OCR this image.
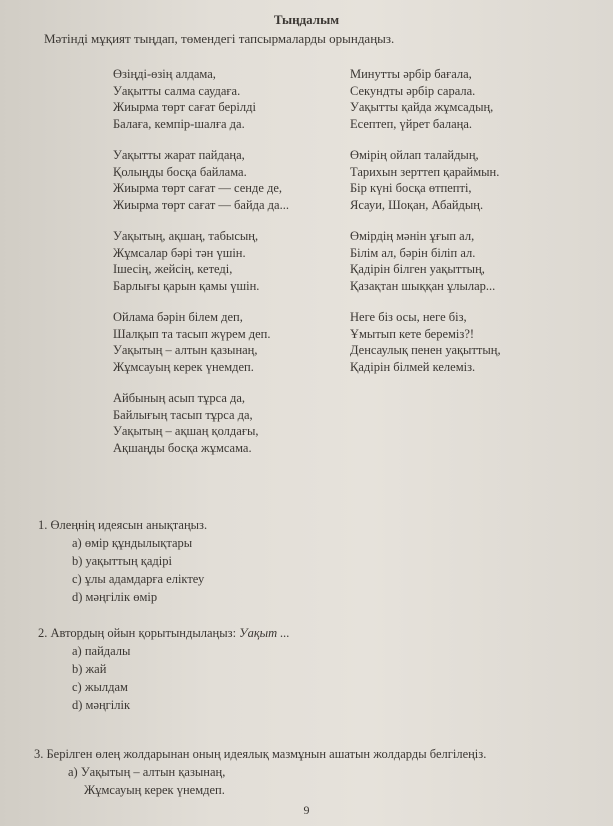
Тыңдалым
Мәтінді мұқият тыңдап, төмендегі тапсырмаларды орындаңыз.
Өзіңді-өзің алдама,
Уақытты салма саудаға.
Жиырма төрт сағат берілді
Балаға, кемпір-шалға да.
Уақытты жарат пайдаңа,
Қолыңды босқа байлама.
Жиырма төрт сағат — сенде де,
Жиырма төрт сағат — байда да...
Уақытың, ақшаң, табысың,
Жұмсалар бәрі тән үшін.
Ішесің, жейсің, кетеді,
Барлығы қарын қамы үшін.
Ойлама бәрін білем деп,
Шалқып та тасып жүрем деп.
Уақытың – алтын қазынаң,
Жұмсауың керек үнемдеп.
Айбының асып тұрса да,
Байлығың тасып тұрса да,
Уақытың – ақшаң қолдағы,
Ақшаңды босқа жұмсама.
Минутты әрбір бағала,
Секундты әрбір сарала.
Уақытты қайда жұмсадың,
Есептеп, үйрет балаңа.
Өмірің ойлап талайдың,
Тарихын зерттеп қараймын.
Бір күні босқа өтпепті,
Ясауи, Шоқан, Абайдың.
Өмірдің мәнін ұғып ал,
Білім ал, бәрін біліп ал.
Қадірін білген уақыттың,
Қазақтан шыққан ұлылар...
Неге біз осы, неге біз,
Ұмытып кете береміз?!
Денсаулық пенен уақыттың,
Қадірін білмей келеміз.
1. Өлеңнің идеясын анықтаңыз.
a) өмір құндылықтары
b) уақыттың қадірі
c) ұлы адамдарға еліктеу
d) мәңгілік өмір
2. Автордың ойын қорытындылаңыз: Уақыт ...
a) пайдалы
b) жай
c) жылдам
d) мәңгілік
3. Берілген өлең жолдарынан оның идеялық мазмұнын ашатын жолдарды белгілеңіз.
a) Уақытың – алтын қазынаң,
Жұмсауың керек үнемдеп.
9
